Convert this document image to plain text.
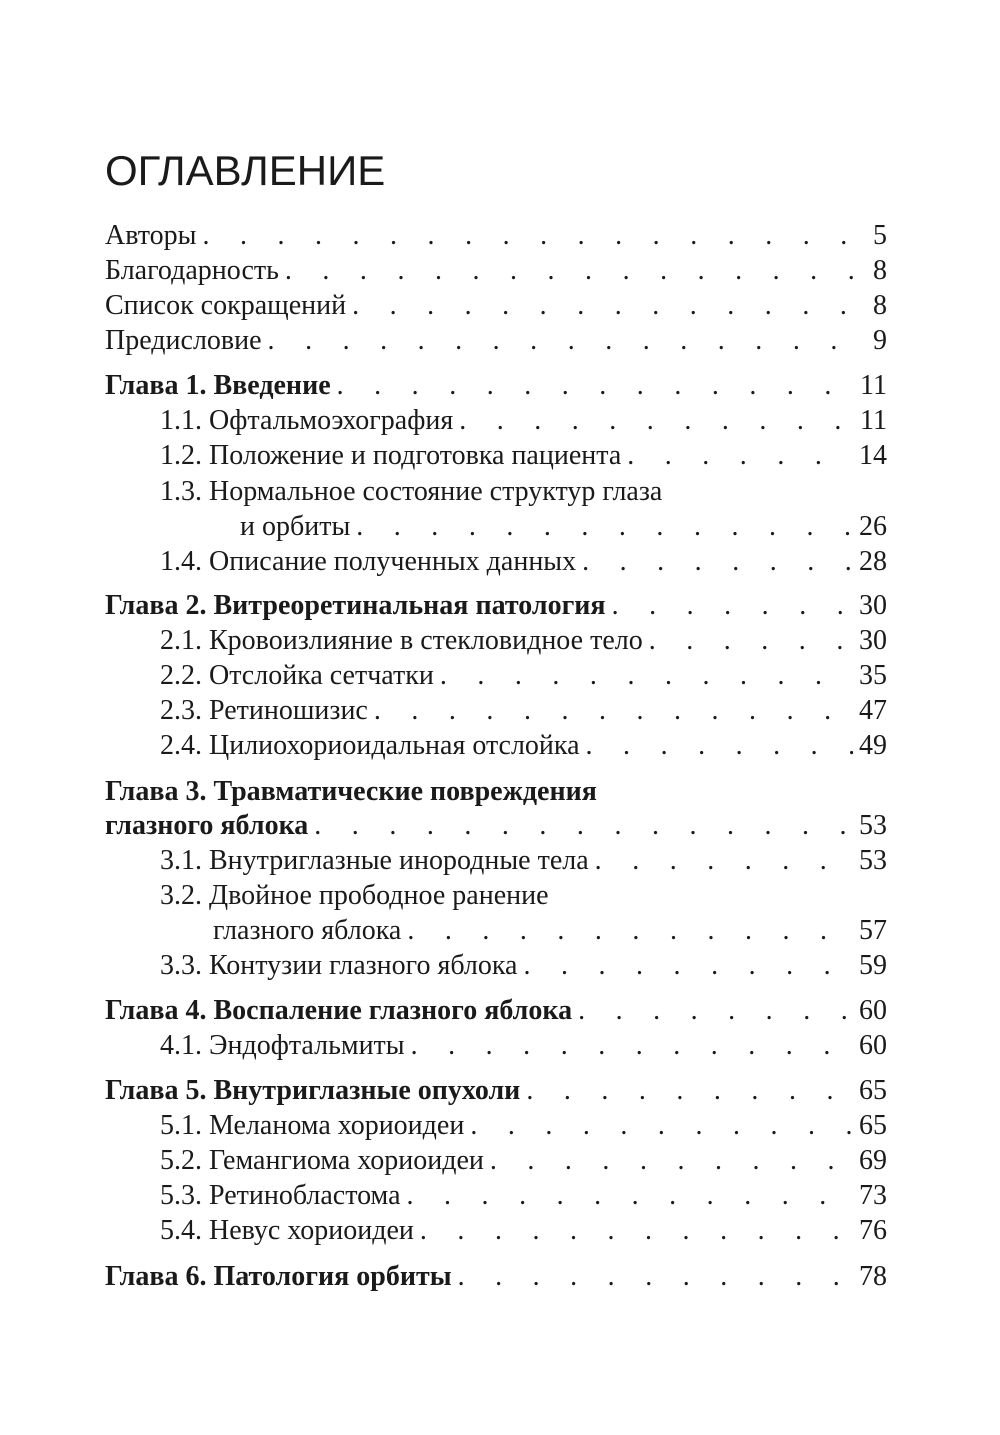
ОГЛАВЛЕНИЕ
Авторы . . .	5
Благодарность . . .	8
Список сокращений . . .	8
Предисловие . . .	9
Глава 1. Введение . . .	11
1.1. Офтальмоэхография . . .	11
1.2. Положение и подготовка пациента . . .	14
1.3. Нормальное состояние структур глаза
и орбиты . . .	26
1.4. Описание полученных данных . . .	28
Глава 2. Витреоретинальная патология . . .	30
2.1. Кровоизлияние в стекловидное тело . . .	30
2.2. Отслойка сетчатки . . .	35
2.3. Ретиношизис . . .	47
2.4. Цилиохориоидальная отслойка . . .	49
Глава 3. Травматические повреждения
глазного яблока . . .	53
3.1. Внутриглазные инородные тела . . .	53
3.2. Двойное прободное ранение
глазного яблока . . .	57
3.3. Контузии глазного яблока . . .	59
Глава 4. Воспаление глазного яблока . . .	60
4.1. Эндофтальмиты . . .	60
Глава 5. Внутриглазные опухоли . . .	65
5.1. Меланома хориоидеи . . .	65
5.2. Гемангиома хориоидеи . . .	69
5.3. Ретинобластома . . .	73
5.4. Невус хориоидеи . . .	76
Глава 6. Патология орбиты . . .	78
